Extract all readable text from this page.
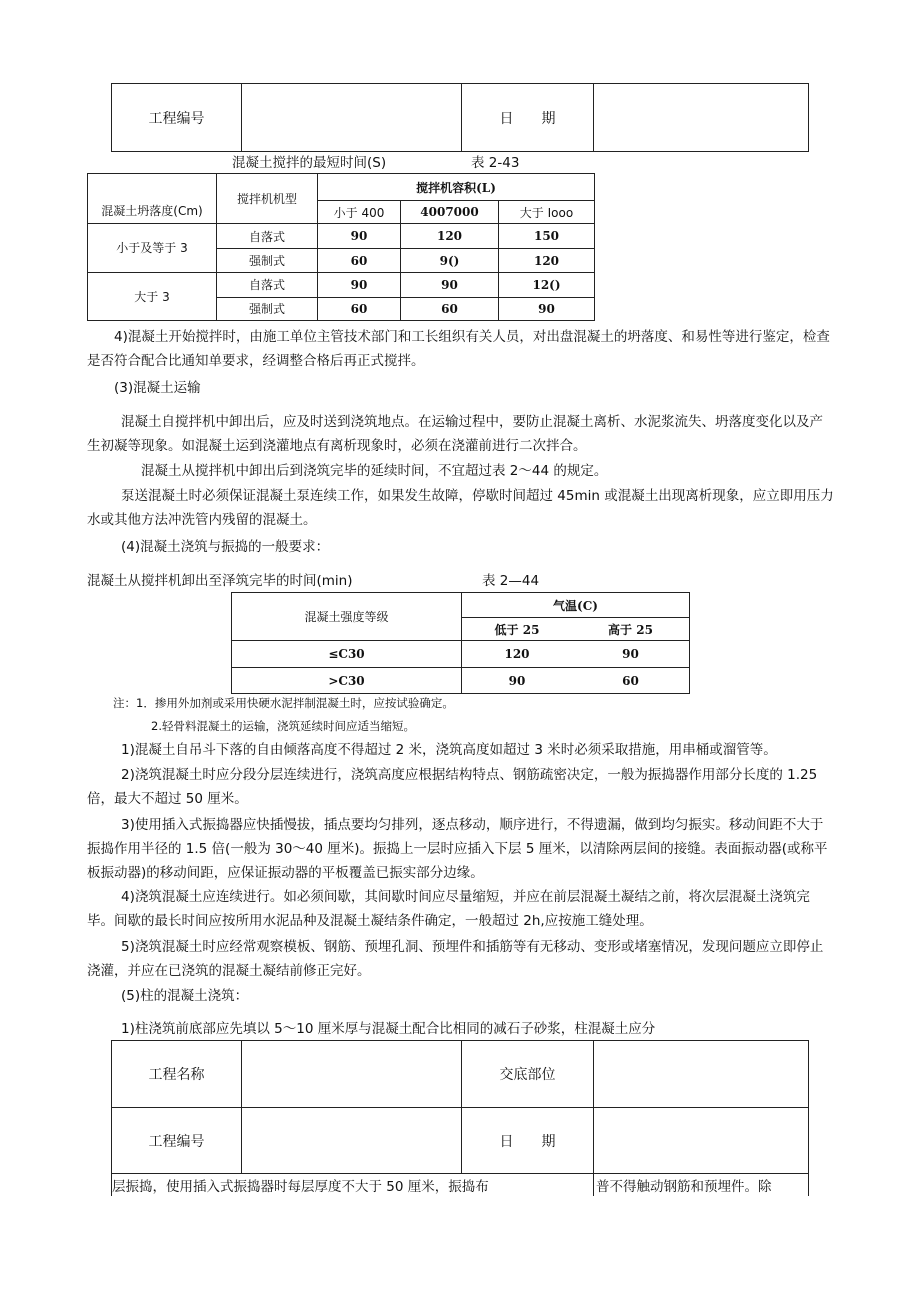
工程编号		日　　期	
混凝土搅拌的最短时间(S)	表 2-43
混凝土坍落度(Cm)	搅拌机机型	搅拌机容积(L)		
		小于 400	4007000	大于 Iooo
小于及等于 3	自落式	90	120	150
	强制式	60	9()	120
大于 3	自落式	90	90	12()
	强制式	60	60	90
4)混凝土开始搅拌时，由施工单位主管技术部门和工长组织有关人员，对出盘混凝土的坍落度、和易性等进行鉴定，检查是否符合配合比通知单要求，经调整合格后再正式搅拌。
(3)混凝土运输
混凝土自搅拌机中卸出后，应及时送到浇筑地点。在运输过程中，要防止混凝土离析、水泥浆流失、坍落度变化以及产生初凝等现象。如混凝土运到浇灌地点有离析现象时，必须在浇灌前进行二次拌合。
混凝土从搅拌机中卸出后到浇筑完毕的延续时间，不宜超过表 2～44 的规定。
泵送混凝土时必须保证混凝土泵连续工作，如果发生故障，停歇时间超过 45min 或混凝土出现离析现象，应立即用压力水或其他方法冲洗管内残留的混凝土。
(4)混凝土浇筑与振捣的一般要求：
混凝土从搅拌机卸出至泽筑完毕的时间(min)	表 2—44
混凝土强度等级	气温(C)	
	低于 25	高于 25
≤C30	120	90
>C30	90	60
注：1．掺用外加剂或采用快硬水泥拌制混凝土时，应按试验确定。
2.轻骨料混凝土的运输，浇筑延续时间应适当缩短。
1)混凝土自吊斗下落的自由倾落高度不得超过 2 米，浇筑高度如超过 3 米时必须采取措施，用串桶或溜管等。
2)浇筑混凝土时应分段分层连续进行，浇筑高度应根据结构特点、钢筋疏密决定，一般为振捣器作用部分长度的 1.25 倍，最大不超过 50 厘米。
3)使用插入式振捣器应快插慢拔，插点要均匀排列，逐点移动，顺序进行，不得遗漏，做到均匀振实。移动间距不大于振捣作用半径的 1.5 倍(一般为 30～40 厘米)。振捣上一层时应插入下层 5 厘米，以清除两层间的接缝。表面振动器(或称平板振动器)的移动间距，应保证振动器的平板覆盖已振实部分边缘。
4)浇筑混凝土应连续进行。如必须间歇，其间歇时间应尽量缩短，并应在前层混凝土凝结之前，将次层混凝土浇筑完毕。间歇的最长时间应按所用水泥品种及混凝土凝结条件确定，一般超过 2h,应按施工缝处理。
5)浇筑混凝土时应经常观察模板、钢筋、预埋孔洞、预埋件和插筋等有无移动、变形或堵塞情况，发现问题应立即停止浇灌，并应在已浇筑的混凝土凝结前修正完好。
(5)柱的混凝土浇筑：
1)柱浇筑前底部应先填以 5～10 厘米厚与混凝土配合比相同的减石子砂浆，柱混凝土应分
工程名称		交底部位	
工程编号		日　　期	
层振捣，使用插入式振捣器时每层厚度不大于 50 厘米，振捣布			普不得触动钢筋和预埋件。除
